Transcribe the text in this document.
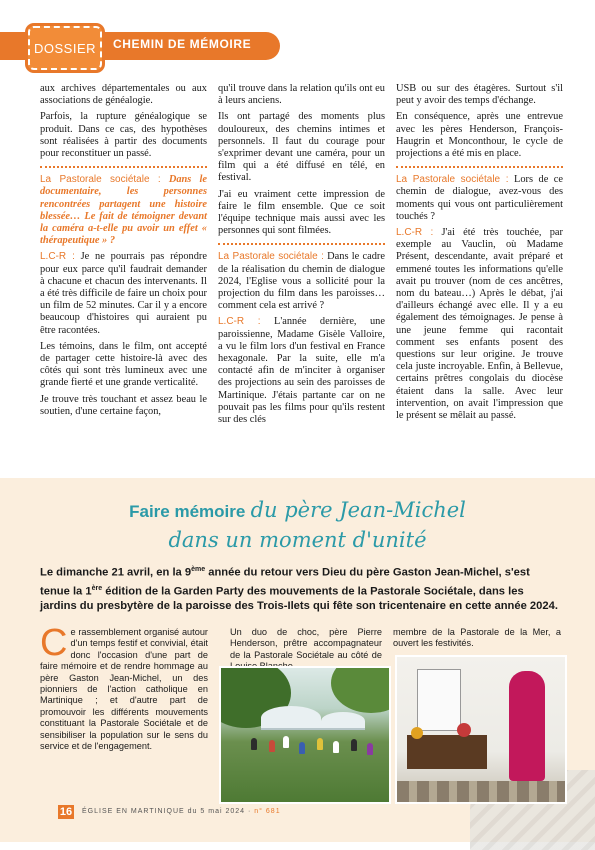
DOSSIER	CHEMIN DE MÉMOIRE

aux archives départementales ou aux associations de généalogie.

Parfois, la rupture généalogique se produit. Dans ce cas, des hypothèses sont réalisées à partir des documents pour reconstituer un passé.

La Pastorale sociétale : Dans le documentaire, les personnes rencontrées partagent une histoire blessée… Le fait de témoigner devant la caméra a-t-elle pu avoir un effet « thérapeutique » ?

L.C-R : Je ne pourrais pas répondre pour eux parce qu'il faudrait demander à chacune et chacun des intervenants. Il a été très difficile de faire un choix pour un film de 52 minutes. Car il y a encore beaucoup d'histoires qui auraient pu être racontées.

Les témoins, dans le film, ont accepté de partager cette histoire-là avec des côtés qui sont très lumineux avec une grande fierté et une grande verticalité.

Je trouve très touchant et assez beau le soutien, d'une certaine façon,

qu'il trouve dans la relation qu'ils ont eu à leurs anciens.

Ils ont partagé des moments plus douloureux, des chemins intimes et personnels. Il faut du courage pour s'exprimer devant une caméra, pour un film qui a été diffusé en télé, en festival.

J'ai eu vraiment cette impression de faire le film ensemble. Que ce soit l'équipe technique mais aussi avec les personnes qui sont filmées.

La Pastorale sociétale : Dans le cadre de la réalisation du chemin de dialogue 2024, l'Eglise vous a sollicité pour la projection du film dans les paroisses… comment cela est arrivé ?

L.C-R : L'année dernière, une paroissienne, Madame Gisèle Valloire, a vu le film lors d'un festival en France hexagonale. Par la suite, elle m'a contacté afin de m'inciter à organiser des projections au sein des paroisses de Martinique. J'étais partante car on ne pouvait pas les films pour qu'ils restent sur des clés

USB ou sur des étagères. Surtout s'il peut y avoir des temps d'échange.

En conséquence, après une entrevue avec les pères Henderson, François-Haugrin et Monconthour, le cycle de projections a été mis en place.

La Pastorale sociétale : Lors de ce chemin de dialogue, avez-vous des moments qui vous ont particulièrement touchés ?

L.C-R : J'ai été très touchée, par exemple au Vauclin, où Madame Présent, descendante, avait préparé et emmené toutes les informations qu'elle avait pu trouver (nom de ces ancêtres, nom du bateau…) Après le débat, j'ai d'ailleurs échangé avec elle. Il y a eu également des témoignages. Je pense à une jeune femme qui racontait comment ses enfants posent des questions sur leur origine. Je trouve cela juste incroyable. Enfin, à Bellevue, certains prêtres congolais du diocèse étaient dans la salle. Avec leur intervention, on avait l'impression que le présent se mêlait au passé.

Faire mémoire du père Jean-Michel
dans un moment d'unité
Le dimanche 21 avril, en la 9ème année du retour vers Dieu du père Gaston Jean-Michel, s'est tenue la 1ère édition de la Garden Party des mouvements de la Pastorale Sociétale, dans les jardins du presbytère de la paroisse des Trois-Ilets qui fête son tricentenaire en cette année 2024.
Ce rassemblement organisé autour d'un temps festif et convivial, était donc l'occasion d'une part de faire mémoire et de rendre hommage au père Gaston Jean-Michel, un des pionniers de l'action catholique en Martinique ; et d'autre part de promouvoir les différents mouvements constituant la Pastorale Sociétale et de sensibiliser la population sur le sens du service et de l'engagement.
Un duo de choc, père Pierre Henderson, prêtre accompagnateur de la Pastorale Sociétale au côté de
membre de la Pastorale de la Mer, a ouvert les festivités.
16 ÉGLISE EN MARTINIQUE du 5 mai 2024 · n° 681
